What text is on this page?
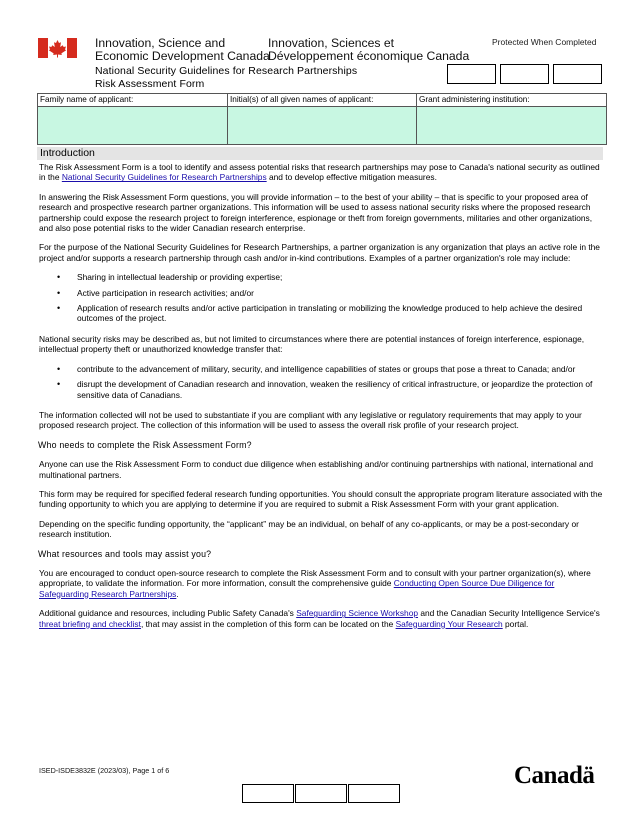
Innovation, Science and
Economic Development Canada
Innovation, Sciences et
Développement économique Canada
Protected When Completed
National Security Guidelines for Research Partnerships
Risk Assessment Form
Family name of applicant:	Initial(s) of all given names of applicant:	Grant administering institution:

Introduction

The Risk Assessment Form is a tool to identify and assess potential risks that research partnerships may pose to Canada's national security as outlined in the National Security Guidelines for Research Partnerships and to develop effective mitigation measures.

In answering the Risk Assessment Form questions, you will provide information – to the best of your ability – that is specific to your proposed area of research and prospective research partner organizations. This information will be used to assess national security risks where the proposed research partnership could expose the research project to foreign interference, espionage or theft from foreign governments, militaries and other organizations, and also pose potential risks to the wider Canadian research enterprise.

For the purpose of the National Security Guidelines for Research Partnerships, a partner organization is any organization that plays an active role in the project and/or supports a research partnership through cash and/or in-kind contributions. Examples of a partner organization's role may include:

• Sharing in intellectual leadership or providing expertise;
• Active participation in research activities; and/or
• Application of research results and/or active participation in translating or mobilizing the knowledge produced to help achieve the desired outcomes of the project.

National security risks may be described as, but not limited to circumstances where there are potential instances of foreign interference, espionage, intellectual property theft or unauthorized knowledge transfer that:

• contribute to the advancement of military, security, and intelligence capabilities of states or groups that pose a threat to Canada; and/or
• disrupt the development of Canadian research and innovation, weaken the resiliency of critical infrastructure, or jeopardize the protection of sensitive data of Canadians.

The information collected will not be used to substantiate if you are compliant with any legislative or regulatory requirements that may apply to your proposed research project. The collection of this information will be used to assess the overall risk profile of your research project.

Who needs to complete the Risk Assessment Form?

Anyone can use the Risk Assessment Form to conduct due diligence when establishing and/or continuing partnerships with national, international and multinational partners.

This form may be required for specified federal research funding opportunities. You should consult the appropriate program literature associated with the funding opportunity to which you are applying to determine if you are required to submit a Risk Assessment Form with your grant application.

Depending on the specific funding opportunity, the “applicant” may be an individual, on behalf of any co-applicants, or may be a post-secondary or research institution.

What resources and tools may assist you?

You are encouraged to conduct open-source research to complete the Risk Assessment Form and to consult with your partner organization(s), where appropriate, to validate the information. For more information, consult the comprehensive guide Conducting Open Source Due Diligence for Safeguarding Research Partnerships.

Additional guidance and resources, including Public Safety Canada's Safeguarding Science Workshop and the Canadian Security Intelligence Service's threat briefing and checklist, that may assist in the completion of this form can be located on the Safeguarding Your Research portal.

ISED-ISDE3832E (2023/03), Page 1 of 6	Canadä
